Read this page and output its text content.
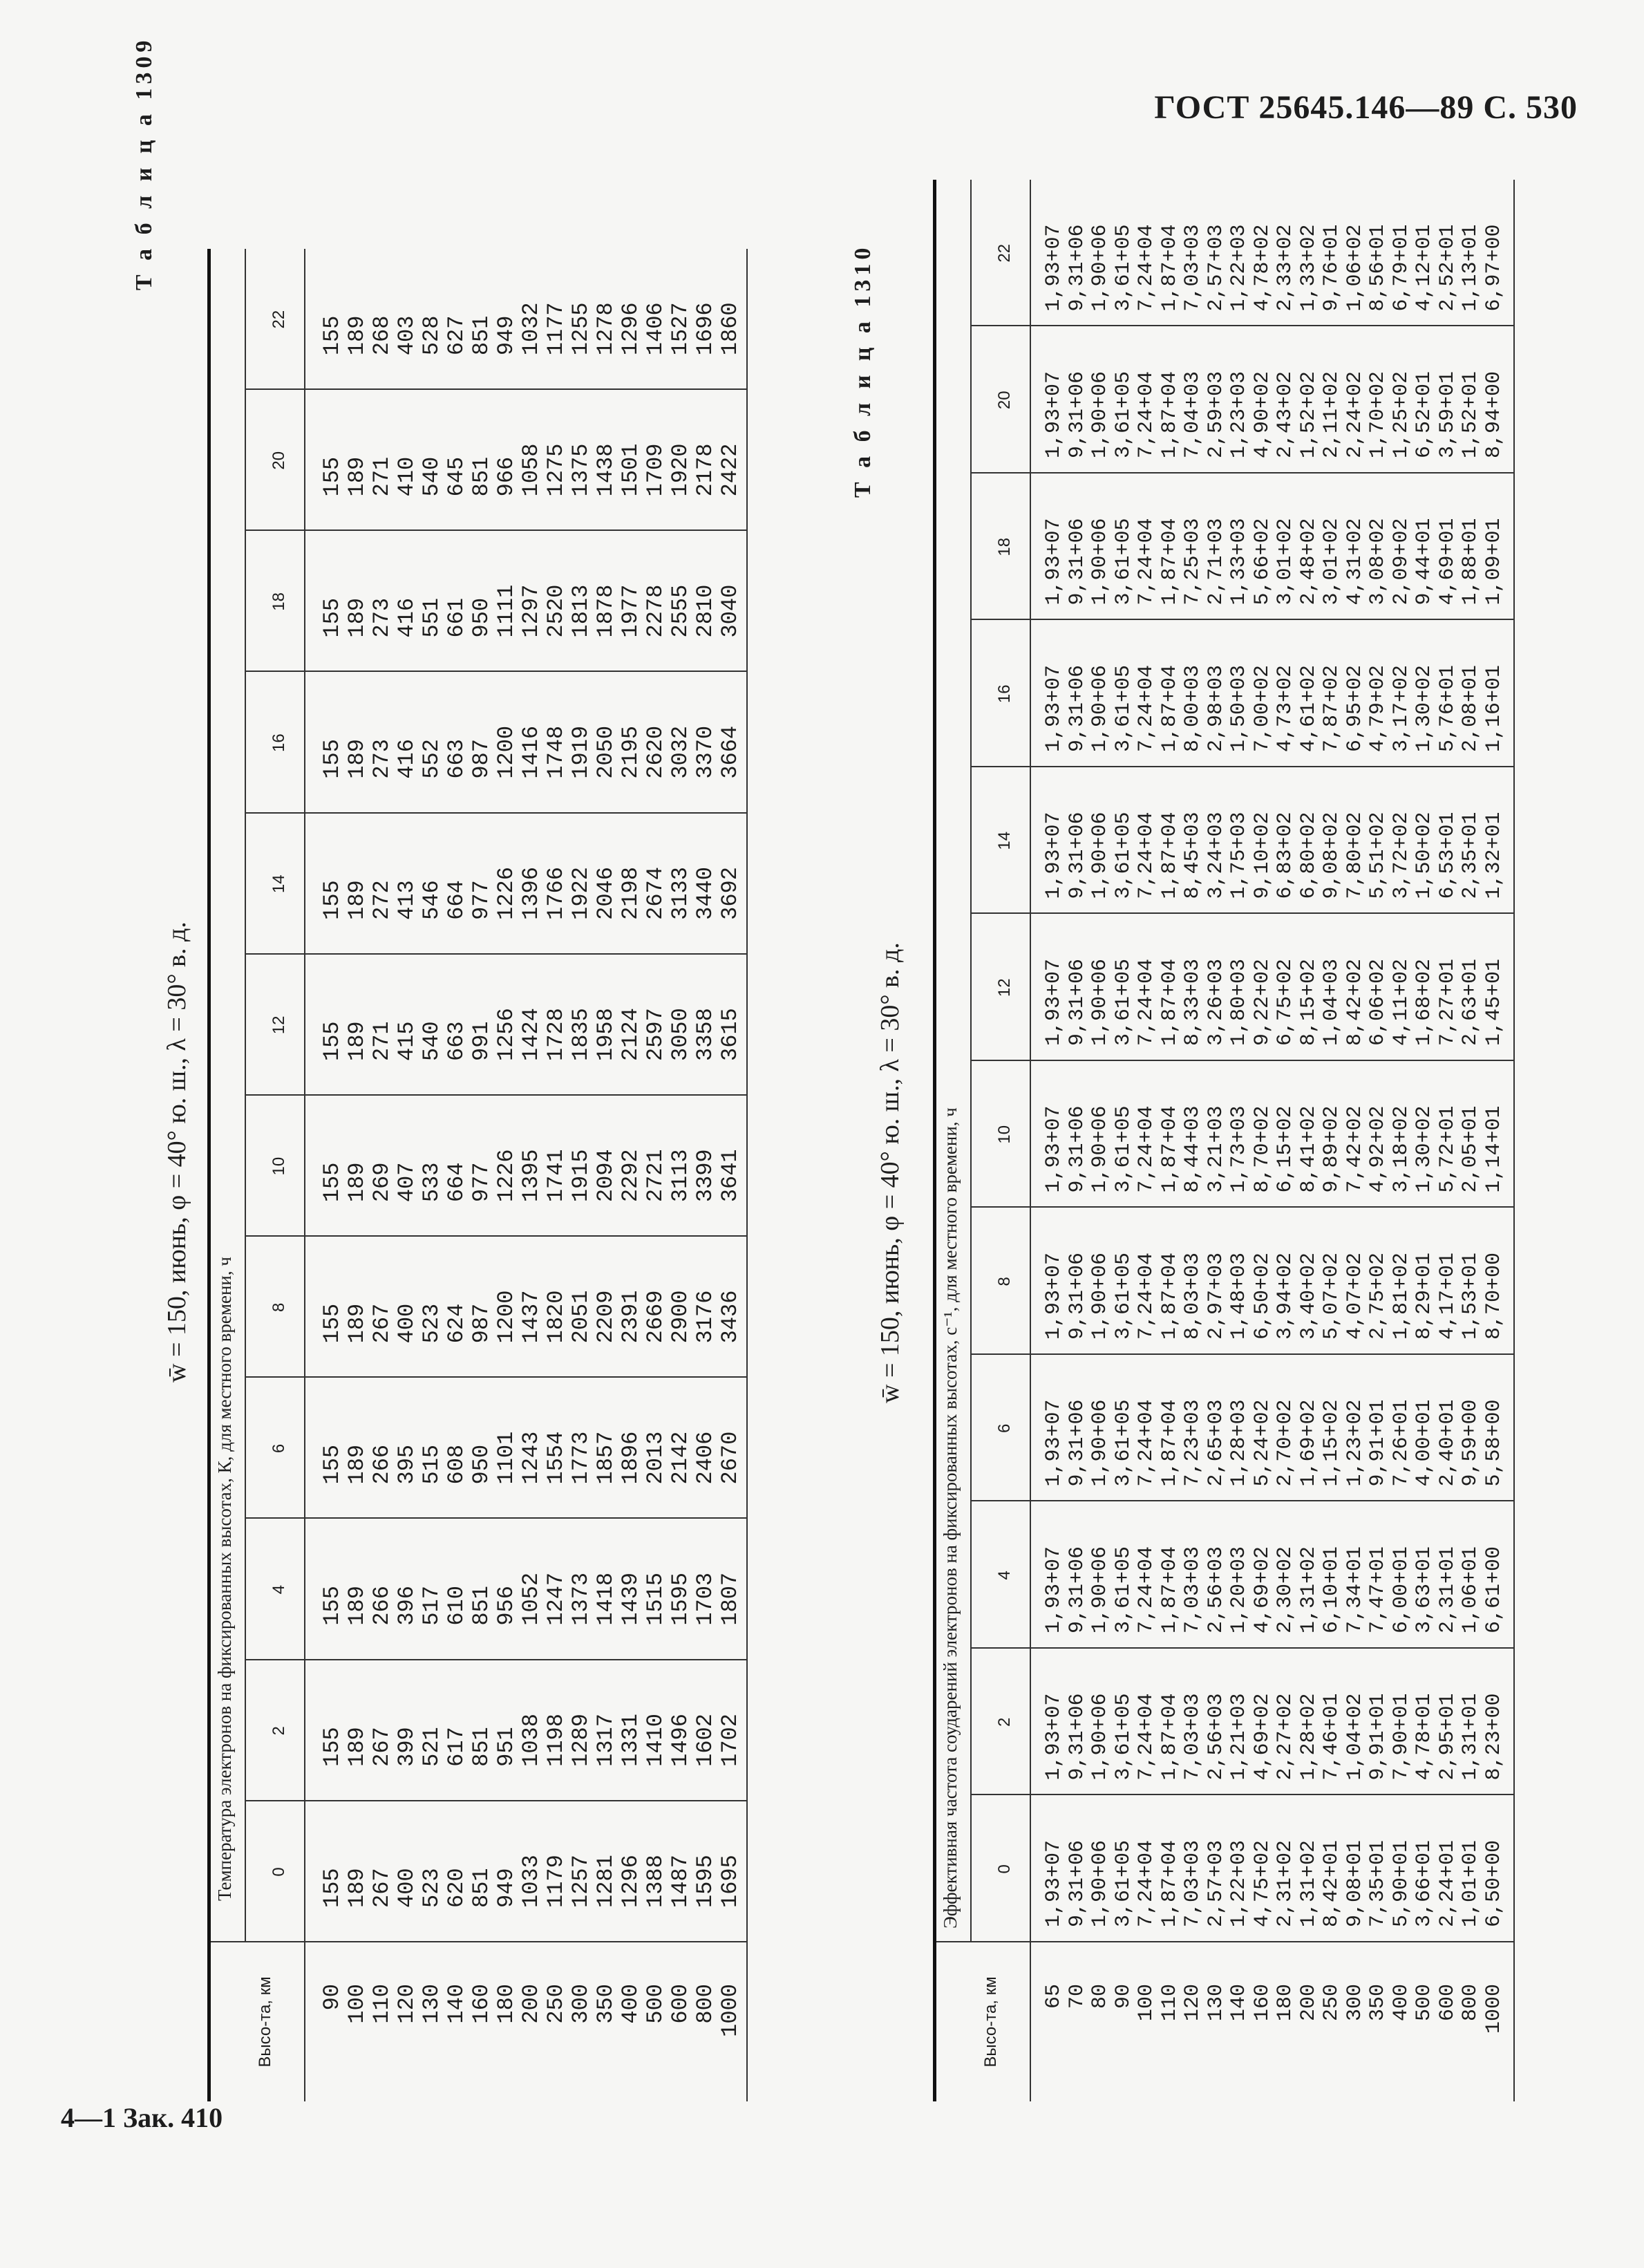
ГОСТ 25645.146—89 С. 530
Т а б л и ц а 1309
w̄ = 150, июнь, φ = 40° ю. ш., λ = 30° в. д.
Температура электронов на фиксированных высотах, К, для местного времени, ч
Высо-та, км
0
2
4
6
8
10
12
14
16
18
20
22
90 100 110 120 130 140 160 180 200 250 300 350 400 500 600 800 1000
155
155
155
155
155
155
155
155
155
155
155
155
189
189
189
189
189
189
189
189
189
189
189
189
267
267
266
266
267
269
271
272
273
273
271
268
400
399
396
395
400
407
415
413
416
416
410
403
523
521
517
515
523
533
540
546
552
551
540
528
620
617
610
608
624
664
663
664
663
661
645
627
851
851
851
950
987
977
991
977
987
950
851
851
949
951
956
1101
1200
1226
1256
1226
1200
1111
966
949
1033
1038
1052
1243
1437
1395
1424
1396
1416
1297
1058
1032
1179
1198
1247
1554
1820
1741
1728
1766
1748
2520
1275
1177
1257
1289
1373
1773
2051
1915
1835
1922
1919
1813
1375
1255
1281
1317
1418
1857
2209
2094
1958
2046
2050
1878
1438
1278
1296
1331
1439
1896
2391
2292
2124
2198
2195
1977
1501
1296
1388
1410
1515
2013
2669
2721
2597
2674
2620
2278
1709
1406
1487
1496
1595
2142
2900
3113
3050
3133
3032
2555
1920
1527
1595
1602
1703
2406
3176
3399
3358
3440
3370
2810
2178
1696
1695
1702
1807
2670
3436
3641
3615
3692
3664
3040
2422
1860	Т а б л и ц а 1310
w̄ = 150, июнь, φ = 40° ю. ш., λ = 30° в. д. Эффективная частота соударений электронов на фиксированных высотах, с⁻¹, для местного времени, ч
Высо-та, км
0
2
4
6
8
10
12
14
16
18
20
22
65 70 80 90 100 110 120 130 140 160 180 200 250 300 350 400 500 600 800 1000
1,93+07
1,93+07
1,93+07
1,93+07
1,93+07
1,93+07
1,93+07
1,93+07
1,93+07
1,93+07
1,93+07
1,93+07
9,31+06
9,31+06
9,31+06
9,31+06
9,31+06
9,31+06
9,31+06
9,31+06
9,31+06
9,31+06
9,31+06
9,31+06
1,90+06
1,90+06
1,90+06
1,90+06
1,90+06
1,90+06
1,90+06
1,90+06
1,90+06
1,90+06
1,90+06
1,90+06
3,61+05
3,61+05
3,61+05
3,61+05
3,61+05
3,61+05
3,61+05
3,61+05
3,61+05
3,61+05
3,61+05
3,61+05
7,24+04
7,24+04
7,24+04
7,24+04
7,24+04
7,24+04
7,24+04
7,24+04
7,24+04
7,24+04
7,24+04
7,24+04
1,87+04
1,87+04
1,87+04
1,87+04
1,87+04
1,87+04
1,87+04
1,87+04
1,87+04
1,87+04
1,87+04
1,87+04
7,03+03
7,03+03
7,03+03
7,23+03
8,03+03
8,44+03
8,33+03
8,45+03
8,00+03
7,25+03
7,04+03
7,03+03
2,57+03
2,56+03
2,56+03
2,65+03
2,97+03
3,21+03
3,26+03
3,24+03
2,98+03
2,71+03
2,59+03
2,57+03
1,22+03
1,21+03
1,20+03
1,28+03
1,48+03
1,73+03
1,80+03
1,75+03
1,50+03
1,33+03
1,23+03
1,22+03
4,75+02
4,69+02
4,69+02
5,24+02
6,50+02
8,70+02
9,22+02
9,10+02
7,00+02
5,66+02
4,90+02
4,78+02
2,31+02
2,27+02
2,30+02
2,70+02
3,94+02
6,15+02
6,75+02
6,83+02
4,73+02
3,01+02
2,43+02
2,33+02
1,31+02
1,28+02
1,31+02
1,69+02
3,40+02
8,41+02
8,15+02
6,80+02
4,61+02
2,48+02
1,52+02
1,33+02
8,42+01
7,46+01
6,10+01
1,15+02
5,07+02
9,89+02
1,04+03
9,08+02
7,87+02
3,01+02
2,11+02
9,76+01
9,08+01
1,04+02
7,34+01
1,23+02
4,07+02
7,42+02
8,42+02
7,80+02
6,95+02
4,31+02
2,24+02
1,06+02
7,35+01
9,91+01
7,47+01
9,91+01
2,75+02
4,92+02
6,06+02
5,51+02
4,79+02
3,08+02
1,70+02
8,56+01
5,90+01
7,90+01
6,00+01
7,26+01
1,81+02
3,18+02
4,11+02
3,72+02
3,17+02
2,09+02
1,25+02
6,79+01
3,66+01
4,78+01
3,63+01
4,00+01
8,29+01
1,30+02
1,68+02
1,50+02
1,30+02
9,44+01
6,52+01
4,12+01
2,24+01
2,95+01
2,31+01
2,40+01
4,17+01
5,72+01
7,27+01
6,53+01
5,76+01
4,69+01
3,59+01
2,52+01
1,01+01
1,31+01
1,06+01
9,59+00
1,53+01
2,05+01
2,63+01
2,35+01
2,08+01
1,88+01
1,52+01
1,13+01
6,50+00
8,23+00
6,61+00
5,58+00
8,70+00
1,14+01
1,45+01
1,32+01
1,16+01
1,09+01
8,94+00
6,97+00
4—1 Зак. 410
